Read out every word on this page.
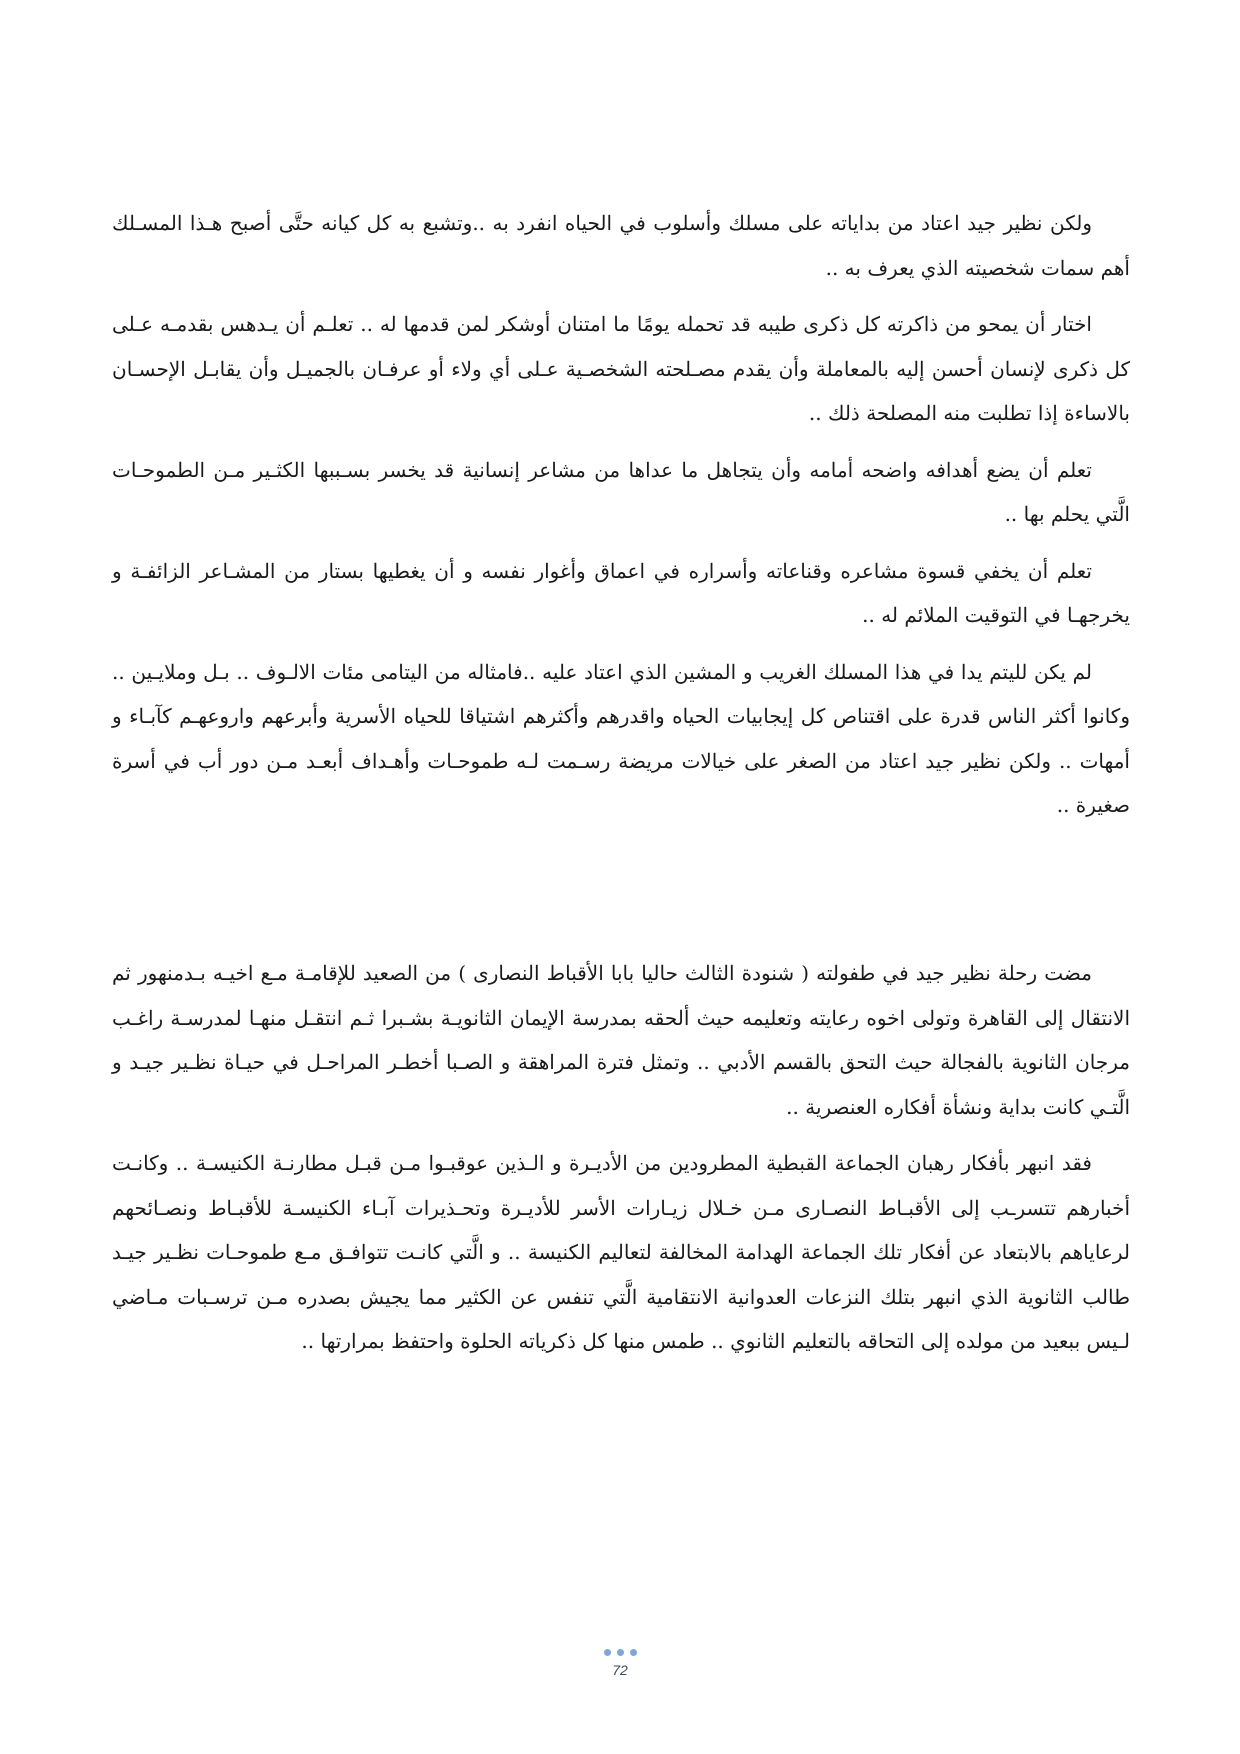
ولكن نظير جيد اعتاد من بداياته على مسلك وأسلوب في الحياه انفرد به ..وتشبع به كل كيانه حتَّى أصبح هـذا المسـلك أهم سمات شخصيته الذي يعرف به ..

اختار أن يمحو من ذاكرته كل ذكرى طيبه قد تحمله يومًا ما امتنان أوشكر لمن قدمها له .. تعلـم أن يـدهس بقدمـه عـلى كل ذكرى لإنسان أحسن إليه بالمعاملة وأن يقدم مصـلحته الشخصـية عـلى أي ولاء أو عرفـان بالجميـل وأن يقابـل الإحسـان بالاساءة إذا تطلبت منه المصلحة ذلك ..

تعلم أن يضع أهدافه واضحه أمامه وأن يتجاهل ما عداها من مشاعر إنسانية قد يخسر بسـببها الكثـير مـن الطموحـات الَّتي يحلم بها ..

تعلم أن يخفي قسوة مشاعره وقناعاته وأسراره في اعماق وأغوار نفسه و أن يغطيها بستار من المشـاعر الزائفـة و يخرجهـا في التوقيت الملائم له ..

لم يكن لليتم يدا في هذا المسلك الغريب و المشين الذي اعتاد عليه ..فامثاله من اليتامى مئات الالـوف .. بـل وملايـين .. وكانوا أكثر الناس قدرة على اقتناص كل إيجابيات الحياه واقدرهم وأكثرهم اشتياقا للحياه الأسرية وأبرعهم واروعهـم كآبـاء و أمهات .. ولكن نظير جيد اعتاد من الصغر على خيالات مريضة رسـمت لـه طموحـات وأهـداف أبعـد مـن دور أب في أسرة صغيرة ..

مضت رحلة نظير جيد في طفولته ( شنودة الثالث حاليا بابا الأقباط النصارى ) من الصعيد للإقامـة مـع اخيـه بـدمنهور ثم الانتقال إلى القاهرة وتولى اخوه رعايته وتعليمه حيث ألحقه بمدرسة الإيمان الثانويـة بشـبرا ثـم انتقـل منهـا لمدرسـة راغـب مرجان الثانوية بالفجالة حيث التحق بالقسم الأدبي .. وتمثل فترة المراهقة و الصـبا أخطـر المراحـل في حيـاة نظـير جيـد و الَّتـي كانت بداية ونشأة أفكاره العنصرية ..

فقد انبهر بأفكار رهبان الجماعة القبطية المطرودين من الأديـرة و الـذين عوقبـوا مـن قبـل مطارنـة الكنيسـة .. وكانـت أخبارهم تتسرـب إلى الأقبـاط النصـارى مـن خـلال زيـارات الأسر للأديـرة وتحـذيرات آبـاء الكنيسـة للأقبـاط ونصـائحهم لرعاياهم بالابتعاد عن أفكار تلك الجماعة الهدامة المخالفة لتعاليم الكنيسة .. و الَّتي كانـت تتوافـق مـع طموحـات نظـير جيـد طالب الثانوية الذي انبهر بتلك النزعات العدوانية الانتقامية الَّتي تنفس عن الكثير مما يجيش بصدره مـن ترسـبات مـاضي لـيس ببعيد من مولده إلى التحاقه بالتعليم الثانوي .. طمس منها كل ذكرياته الحلوة واحتفظ بمرارتها ..

72
